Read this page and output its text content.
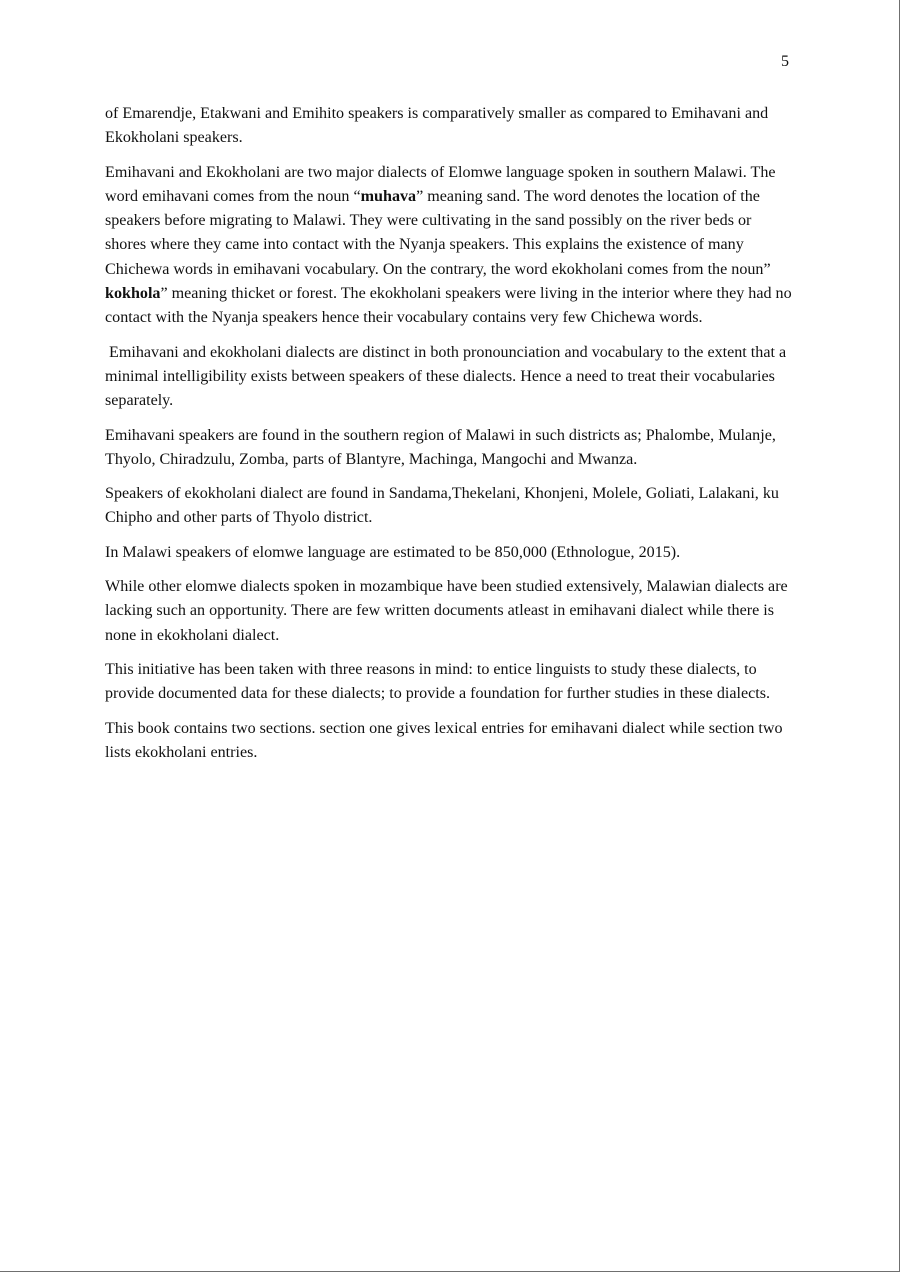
5

of Emarendje, Etakwani and Emihito speakers is comparatively smaller as compared to Emihavani and Ekokholani speakers.

Emihavani and Ekokholani are two major dialects of Elomwe language spoken in southern Malawi. The word emihavani comes from the noun “muhava” meaning sand. The word denotes the location of the speakers before migrating to Malawi. They were cultivating in the sand possibly on the river beds or shores where they came into contact with the Nyanja speakers. This explains the existence of many Chichewa words in emihavani vocabulary. On the contrary, the word ekokholani comes from the noun” kokhola” meaning thicket or forest. The ekokholani speakers were living in the interior where they had no contact with the Nyanja speakers hence their vocabulary contains very few Chichewa words.

Emihavani and ekokholani dialects are distinct in both pronounciation and vocabulary to the extent that a minimal intelligibility exists between speakers of these dialects. Hence a need to treat their vocabularies separately.

Emihavani speakers are found in the southern region of Malawi in such districts as; Phalombe, Mulanje, Thyolo, Chiradzulu, Zomba, parts of Blantyre, Machinga, Mangochi and Mwanza.

Speakers of ekokholani dialect are found in Sandama,Thekelani, Khonjeni, Molele, Goliati, Lalakani, ku Chipho and other parts of Thyolo district.

In Malawi speakers of elomwe language are estimated to be 850,000 (Ethnologue, 2015).

While other elomwe dialects spoken in mozambique have been studied extensively, Malawian dialects are lacking such an opportunity. There are few written documents atleast in emihavani dialect while there is none in ekokholani dialect.

This initiative has been taken with three reasons in mind: to entice linguists to study these dialects, to provide documented data for these dialects; to provide a foundation for further studies in these dialects.

This book contains two sections. section one gives lexical entries for emihavani dialect while section two lists ekokholani entries.
